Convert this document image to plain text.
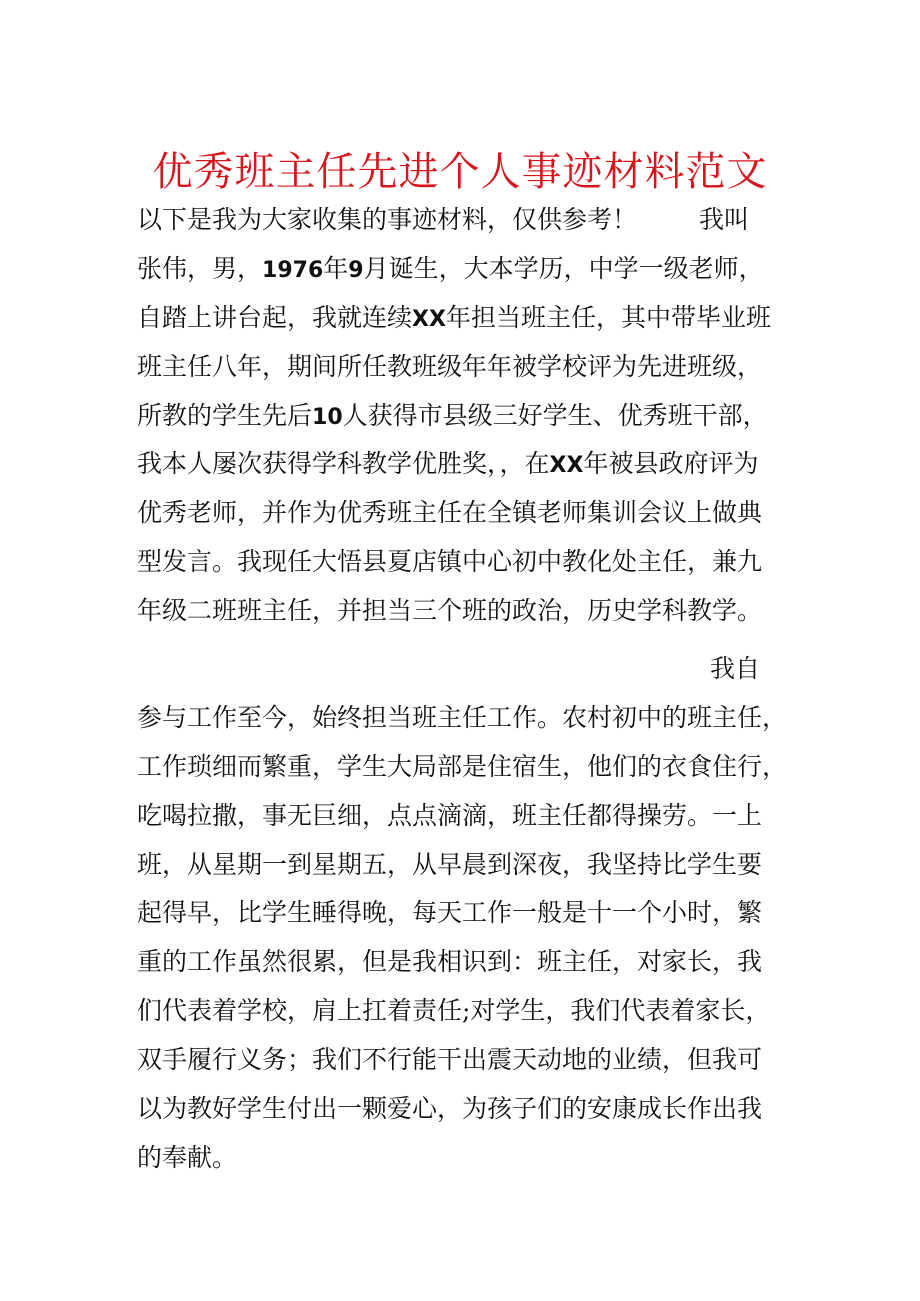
优秀班主任先进个人事迹材料范文
以下是我为大家收集的事迹材料，仅供参考！ 我叫
张伟，男，1976年9月诞生，大本学历，中学一级老师，
自踏上讲台起，我就连续XX年担当班主任，其中带毕业班
班主任八年，期间所任教班级年年被学校评为先进班级，
所教的学生先后10人获得市县级三好学生、优秀班干部，
我本人屡次获得学科教学优胜奖，，在XX年被县政府评为
优秀老师，并作为优秀班主任在全镇老师集训会议上做典
型发言。我现任大悟县夏店镇中心初中教化处主任，兼九
年级二班班主任，并担当三个班的政治，历史学科教学。
我自
参与工作至今，始终担当班主任工作。农村初中的班主任，
工作琐细而繁重，学生大局部是住宿生，他们的衣食住行，
吃喝拉撒，事无巨细，点点滴滴，班主任都得操劳。一上
班，从星期一到星期五，从早晨到深夜，我坚持比学生要
起得早，比学生睡得晚，每天工作一般是十一个小时，繁
重的工作虽然很累，但是我相识到：班主任，对家长，我
们代表着学校，肩上扛着责任;对学生，我们代表着家长，
双手履行义务；我们不行能干出震天动地的业绩，但我可
以为教好学生付出一颗爱心，为孩子们的安康成长作出我
的奉献。
